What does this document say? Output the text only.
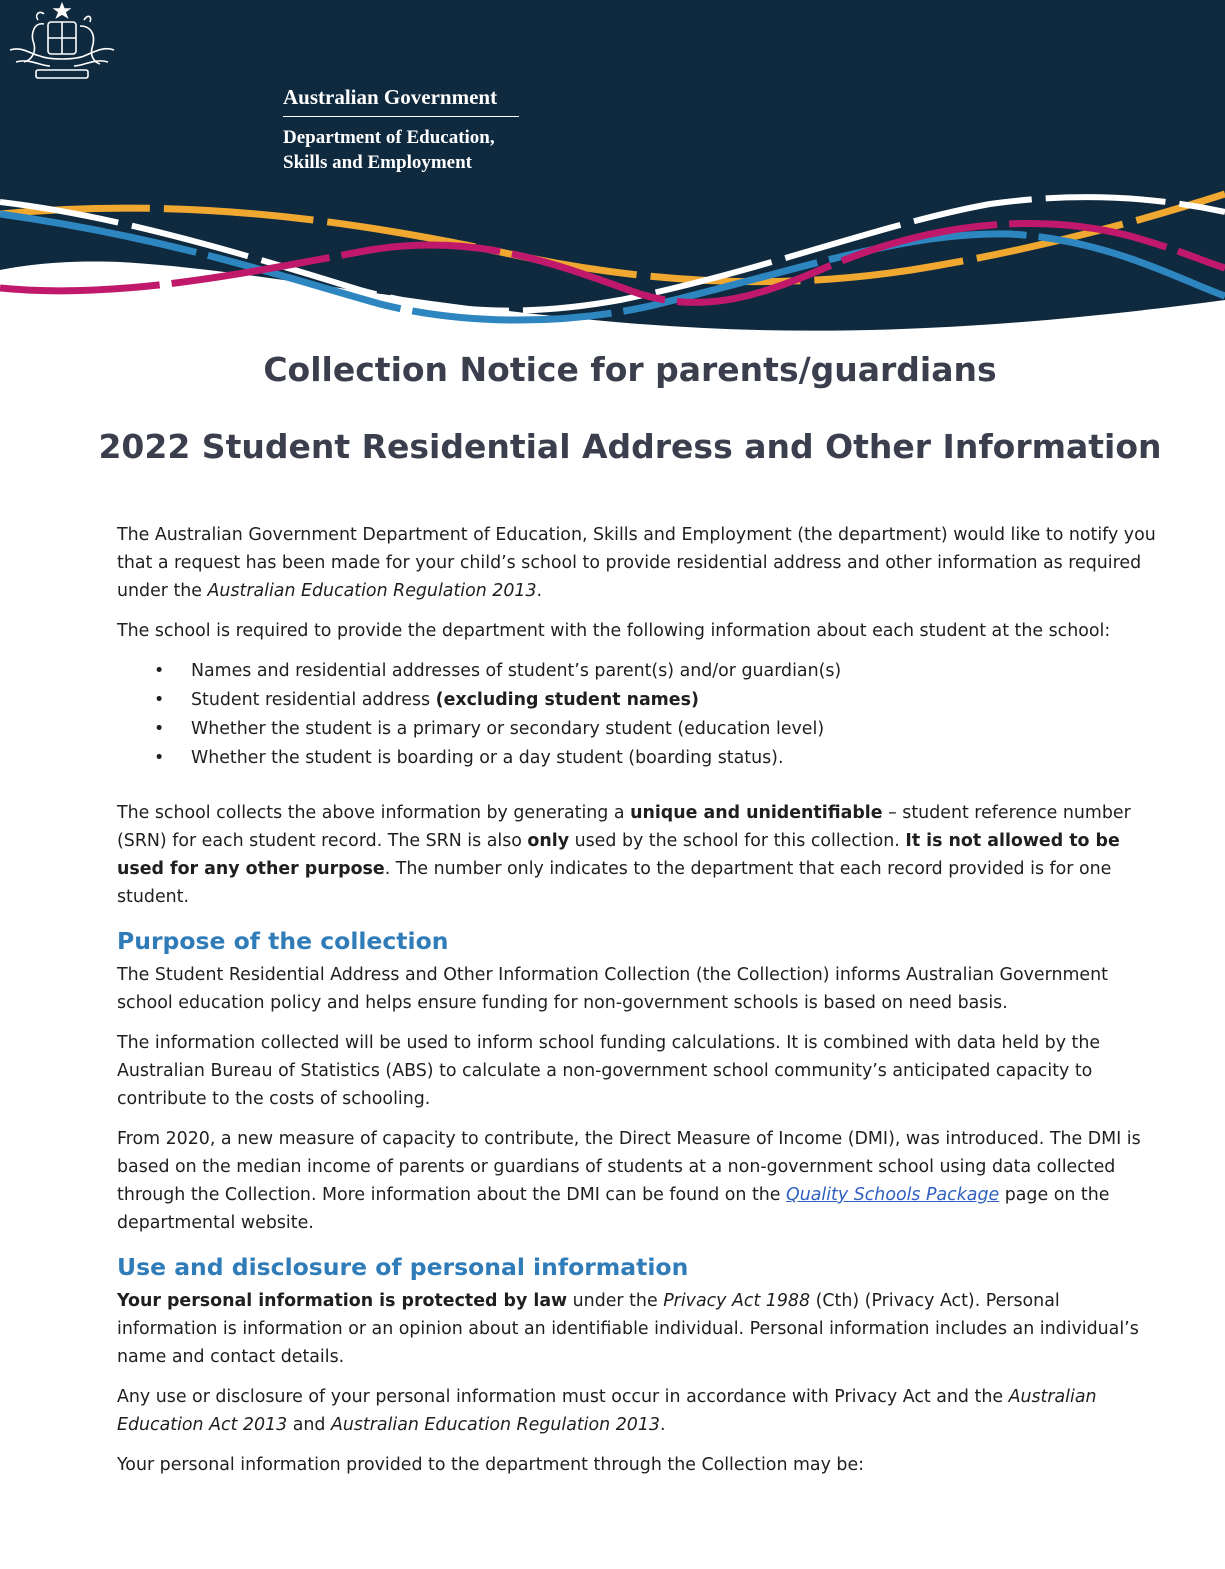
Australian Government
Department of Education,
Skills and Employment
Collection Notice for parents/guardians
2022 Student Residential Address and Other Information

The Australian Government Department of Education, Skills and Employment (the department) would like to notify you that a request has been made for your child’s school to provide residential address and other information as required under the Australian Education Regulation 2013.

The school is required to provide the department with the following information about each student at the school:

• Names and residential addresses of student’s parent(s) and/or guardian(s)
• Student residential address (excluding student names)
• Whether the student is a primary or secondary student (education level)
• Whether the student is boarding or a day student (boarding status).

The school collects the above information by generating a unique and unidentifiable – student reference number (SRN) for each student record. The SRN is also only used by the school for this collection. It is not allowed to be used for any other purpose. The number only indicates to the department that each record provided is for one student.

Purpose of the collection

The Student Residential Address and Other Information Collection (the Collection) informs Australian Government school education policy and helps ensure funding for non-government schools is based on need basis.

The information collected will be used to inform school funding calculations. It is combined with data held by the Australian Bureau of Statistics (ABS) to calculate a non-government school community’s anticipated capacity to contribute to the costs of schooling.

From 2020, a new measure of capacity to contribute, the Direct Measure of Income (DMI), was introduced. The DMI is based on the median income of parents or guardians of students at a non-government school using data collected through the Collection. More information about the DMI can be found on the Quality Schools Package page on the departmental website.

Use and disclosure of personal information

Your personal information is protected by law under the Privacy Act 1988 (Cth) (Privacy Act). Personal information is information or an opinion about an identifiable individual. Personal information includes an individual’s name and contact details.

Any use or disclosure of your personal information must occur in accordance with Privacy Act and the Australian Education Act 2013 and Australian Education Regulation 2013.

Your personal information provided to the department through the Collection may be:
